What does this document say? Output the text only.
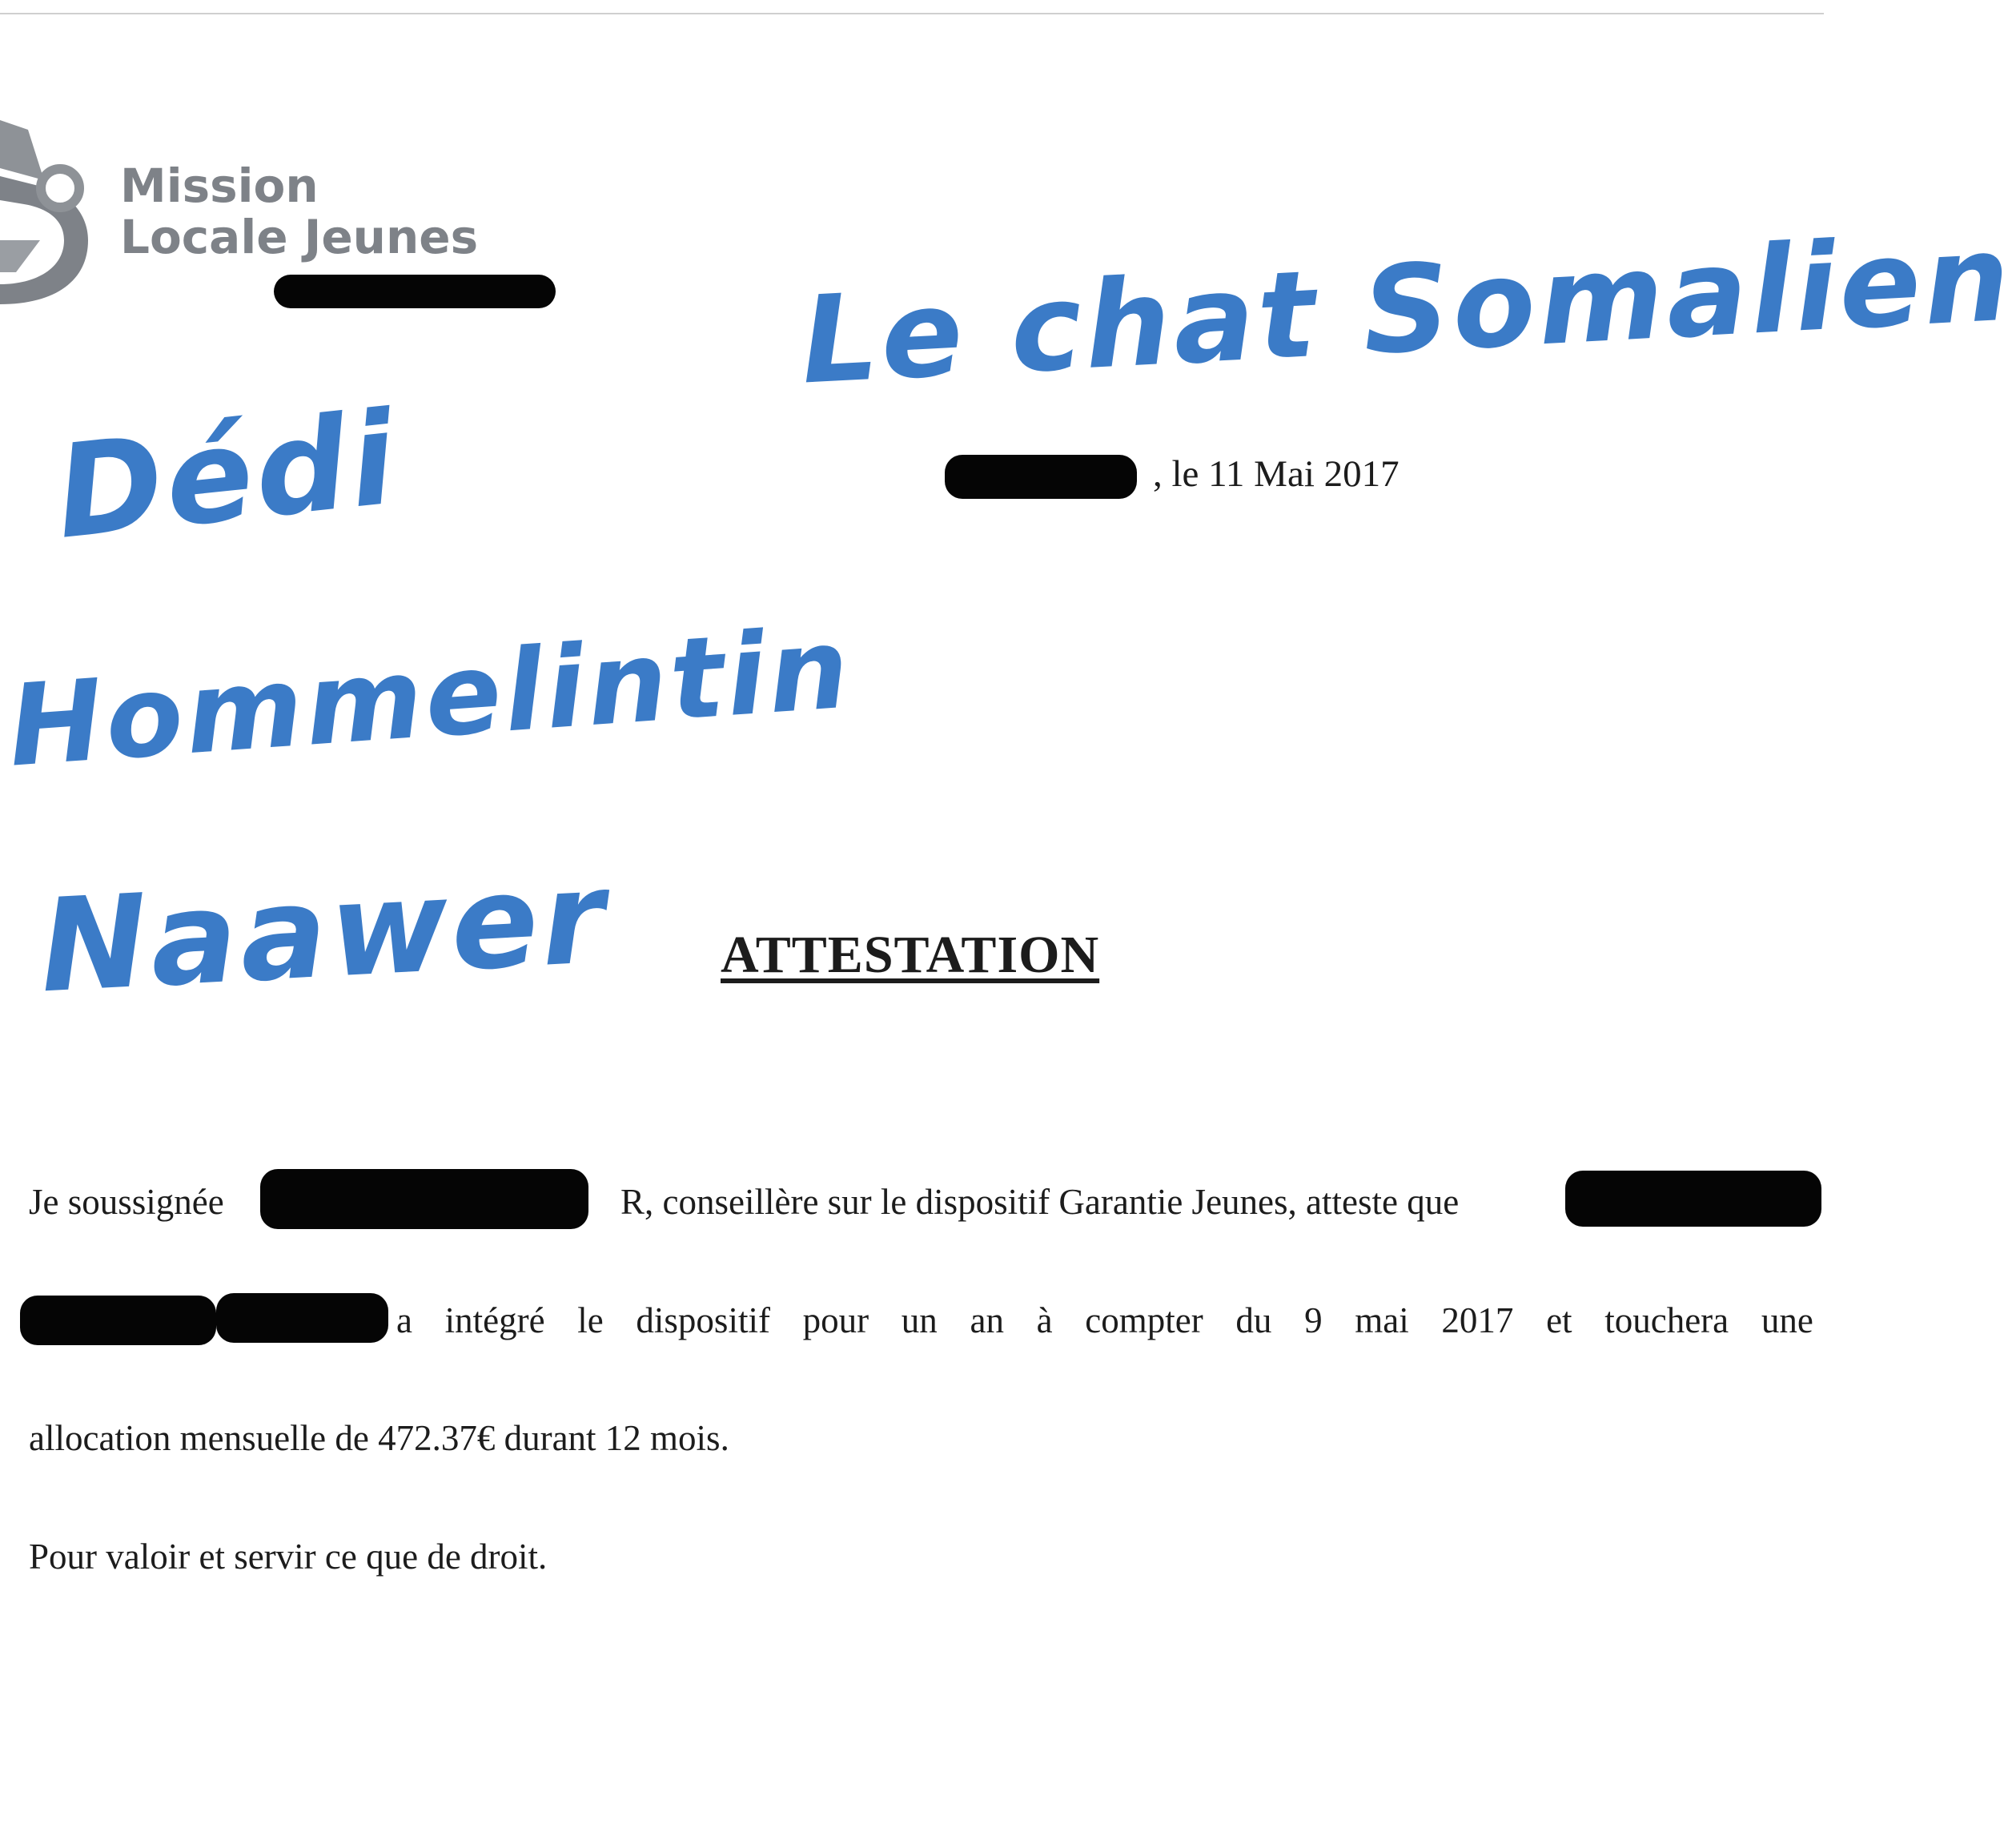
Mission
Locale Jeunes	Le chat Somalien
Dédi
Hommelintin
Naawer
, le 11 Mai 2017
ATTESTATION
Je soussignée	R, conseillère sur le dispositif Garantie Jeunes, atteste que
a intégré le dispositif pour un an à compter du 9 mai 2017 et touchera une
allocation mensuelle de 472.37€ durant 12 mois.
Pour valoir et servir ce que de droit.
